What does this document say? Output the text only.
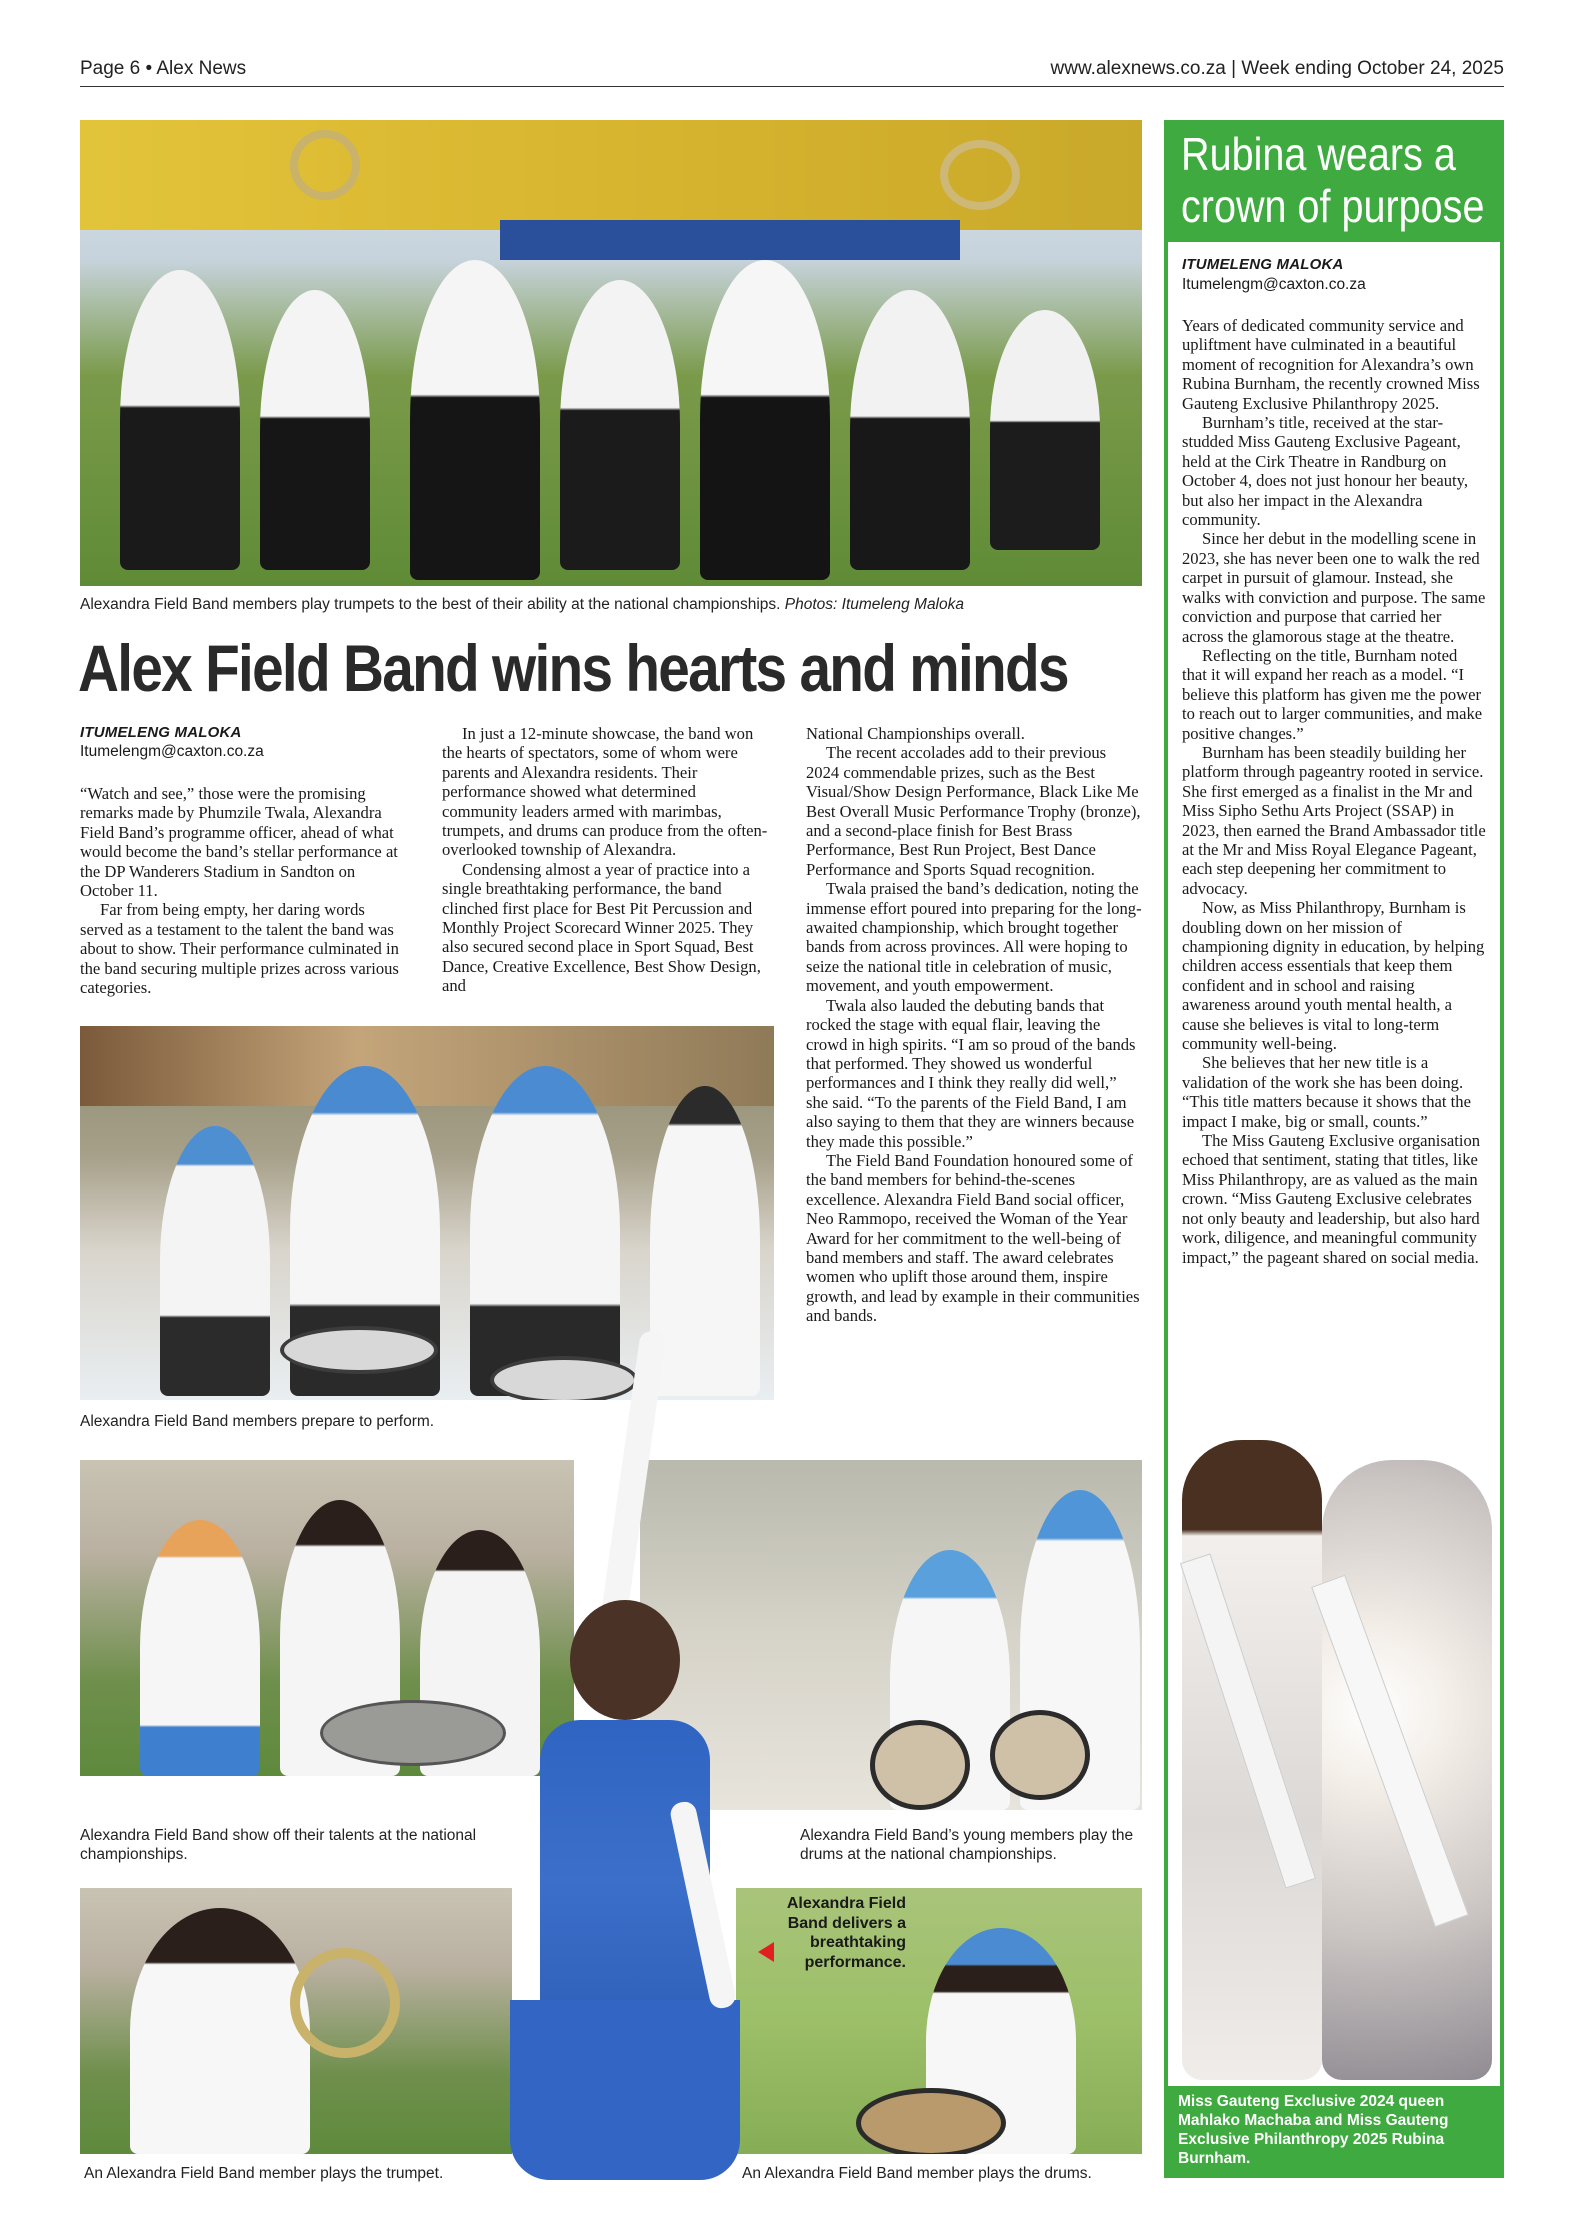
Page 6 • Alex News	www.alexnews.co.za | Week ending October 24, 2025
Alexandra Field Band members play trumpets to the best of their ability at the national championships. Photos: Itumeleng Maloka
Alex Field Band wins hearts and minds
ITUMELENG MALOKA
Itumelengm@caxton.co.za

“Watch and see,” those were the promising remarks made by Phumzile Twala, Alexandra Field Band’s programme officer, ahead of what would become the band’s stellar performance at the DP Wanderers Stadium in Sandton on October 11.

Far from being empty, her daring words served as a testament to the talent the band was about to show. Their performance culminated in the band securing multiple prizes across various categories.

In just a 12-minute showcase, the band won the hearts of spectators, some of whom were parents and Alexandra residents. Their performance showed what determined community leaders armed with marimbas, trumpets, and drums can produce from the often-overlooked township of Alexandra.

Condensing almost a year of practice into a single breathtaking performance, the band clinched first place for Best Pit Percussion and Monthly Project Scorecard Winner 2025. They also secured second place in Sport Squad, Best Dance, Creative Excellence, Best Show Design, and

National Championships overall.

The recent accolades add to their previous 2024 commendable prizes, such as the Best Visual/Show Design Performance, Black Like Me Best Overall Music Performance Trophy (bronze), and a second-place finish for Best Brass Performance, Best Run Project, Best Dance Performance and Sports Squad recognition.

Twala praised the band’s dedication, noting the immense effort poured into preparing for the long-awaited championship, which brought together bands from across provinces. All were hoping to seize the national title in celebration of music, movement, and youth empowerment.

Twala also lauded the debuting bands that rocked the stage with equal flair, leaving the crowd in high spirits. “I am so proud of the bands that performed. They showed us wonderful performances and I think they really did well,” she said. “To the parents of the Field Band, I am also saying to them that they are winners because they made this possible.”

The Field Band Foundation honoured some of the band members for behind-the-scenes excellence. Alexandra Field Band social officer, Neo Rammopo, received the Woman of the Year Award for her commitment to the well-being of band members and staff. The award celebrates women who uplift those around them, inspire growth, and lead by example in their communities and bands.

Alexandra Field Band members prepare to perform.
Alexandra Field Band show off their talents at the national championships.
Alexandra Field Band’s young members play the drums at the national championships.
Alexandra Field Band delivers a breathtaking performance.
An Alexandra Field Band member plays the trumpet.	An Alexandra Field Band member plays the drums.
Rubina wears a
crown of purpose
ITUMELENG MALOKA
Itumelengm@caxton.co.za

Years of dedicated community service and upliftment have culminated in a beautiful moment of recognition for Alexandra’s own Rubina Burnham, the recently crowned Miss Gauteng Exclusive Philanthropy 2025.

Burnham’s title, received at the star-studded Miss Gauteng Exclusive Pageant, held at the Cirk Theatre in Randburg on October 4, does not just honour her beauty, but also her impact in the Alexandra community.

Since her debut in the modelling scene in 2023, she has never been one to walk the red carpet in pursuit of glamour. Instead, she walks with conviction and purpose. The same conviction and purpose that carried her across the glamorous stage at the theatre.

Reflecting on the title, Burnham noted that it will expand her reach as a model. “I believe this platform has given me the power to reach out to larger communities, and make positive changes.”

Burnham has been steadily building her platform through pageantry rooted in service. She first emerged as a finalist in the Mr and Miss Sipho Sethu Arts Project (SSAP) in 2023, then earned the Brand Ambassador title at the Mr and Miss Royal Elegance Pageant, each step deepening her commitment to advocacy.

Now, as Miss Philanthropy, Burnham is doubling down on her mission of championing dignity in education, by helping children access essentials that keep them confident and in school and raising awareness around youth mental health, a cause she believes is vital to long-term community well-being.

She believes that her new title is a validation of the work she has been doing. “This title matters because it shows that the impact I make, big or small, counts.”

The Miss Gauteng Exclusive organisation echoed that sentiment, stating that titles, like Miss Philanthropy, are as valued as the main crown. “Miss Gauteng Exclusive celebrates not only beauty and leadership, but also hard work, diligence, and meaningful community impact,” the pageant shared on social media.

Miss Gauteng Exclusive 2024 queen Mahlako Machaba and Miss Gauteng Exclusive Philanthropy 2025 Rubina Burnham.
